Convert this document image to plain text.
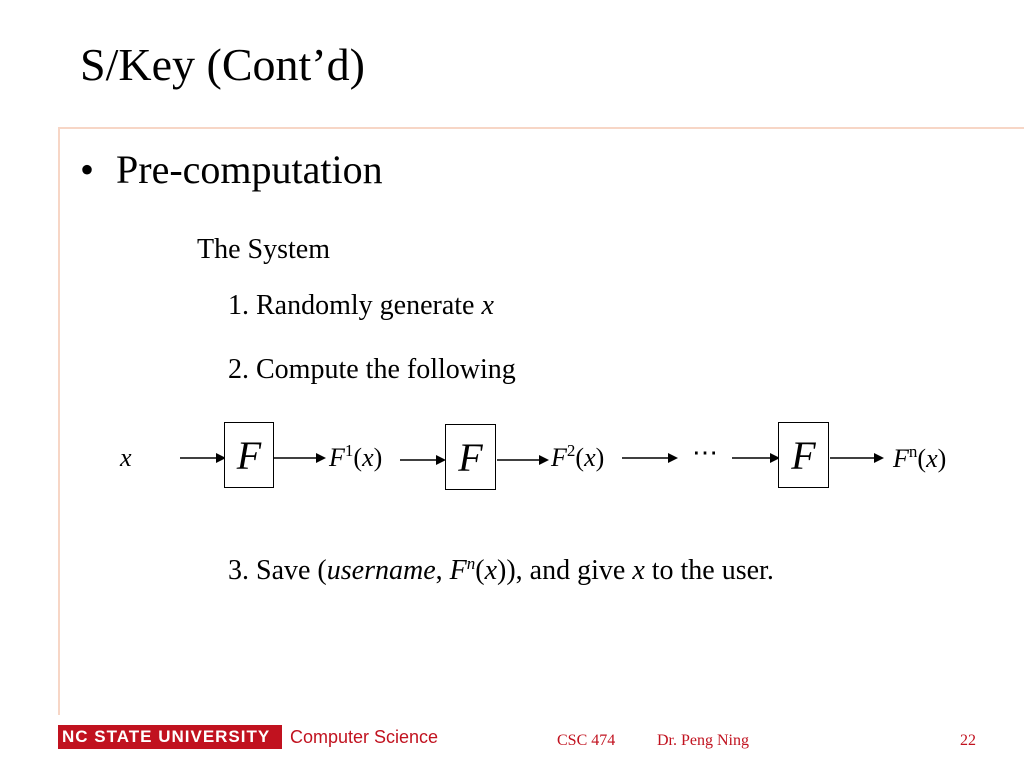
S/Key (Cont’d)
• Pre-computation
The System
1. Randomly generate x
2. Compute the following
x	F	$F^1(x)$	F	$F^2(x)$	⋯	F	$F^n(x)$
3. Save (username, $F^n(x)$), and give x to the user.
NC STATE UNIVERSITY	Computer Science	CSC 474	Dr. Peng Ning	22
